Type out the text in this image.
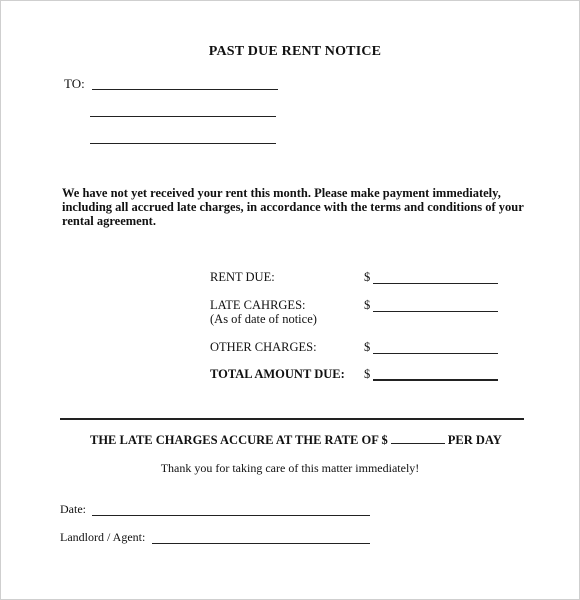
PAST DUE RENT NOTICE
TO:
We have not yet received your rent this month. Please make payment immediately, including all accrued late charges, in accordance with the terms and conditions of your rental agreement.
RENT DUE:	$
LATE CAHRGES:
(As of date of notice)
$
OTHER CHARGES:	$
TOTAL AMOUNT DUE: $
THE LATE CHARGES ACCURE AT THE RATE OF $	PER DAY
Thank you for taking care of this matter immediately!
Date:
Landlord / Agent:
